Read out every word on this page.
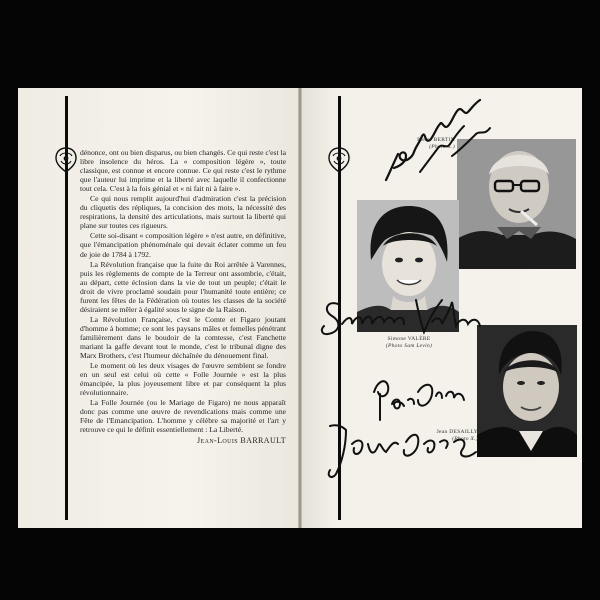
dénonce, ont ou bien disparus, ou bien changés. Ce qui reste c'est la libre insolence du héros. La « composition légère », toute classique, est connue et encore connue. Ce qui reste c'est le rythme que l'auteur lui imprime et la liberté avec laquelle il confectionne tout cela. C'est à la fois génial et « ni fait ni à faire ».

Ce qui nous remplit aujourd'hui d'admiration c'est la précision du cliquetis des répliques, la concision des mots, la nécessité des respirations, la densité des articulations, mais surtout la liberté qui plane sur toutes ces rigueurs.

Cette soi-disant « composition légère » n'est autre, en définitive, que l'émancipation phénoménale qui devait éclater comme un feu de joie de 1784 à 1792.

La Révolution française que la fuite du Roi arrêtée à Varennes, puis les règlements de compte de la Terreur ont assombrie, c'était, au départ, cette éclosion dans la vie de tout un peuple; c'était le droit de vivre proclamé soudain pour l'humanité toute entière; ce furent les fêtes de la Fédération où toutes les classes de la société désiraient se mêler à égalité sous le signe de la Raison.

La Révolution Française, c'est le Comte et Figaro joutant d'homme à homme; ce sont les paysans mâles et femelles pénétrant familièrement dans le boudoir de la comtesse, c'est Fanchette mariant la gaffe devant tout le monde, c'est le tribunal digne des Marx Brothers, c'est l'humeur déchaînée du dénouement final.

Le moment où les deux visages de l'œuvre semblent se fondre en un seul est celui où cette « Folle Journée » est la plus émancipée, la plus joyeusement libre et par conséquent la plus révolutionnaire.

La Folle Journée (ou le Mariage de Figaro) ne nous apparaît donc pas comme une œuvre de revendications mais comme une Fête de l'Emancipation. L'homme y célèbre sa majorité et l'art y retrouve ce qui le définit essentiellement : La Liberté.

Jean-Louis BARRAULT
Pierre BERTIN
(Photo X.)
Simone VALÈRE
(Photo Sam Levin)
Jean DESAILLY
(Photo X.)
